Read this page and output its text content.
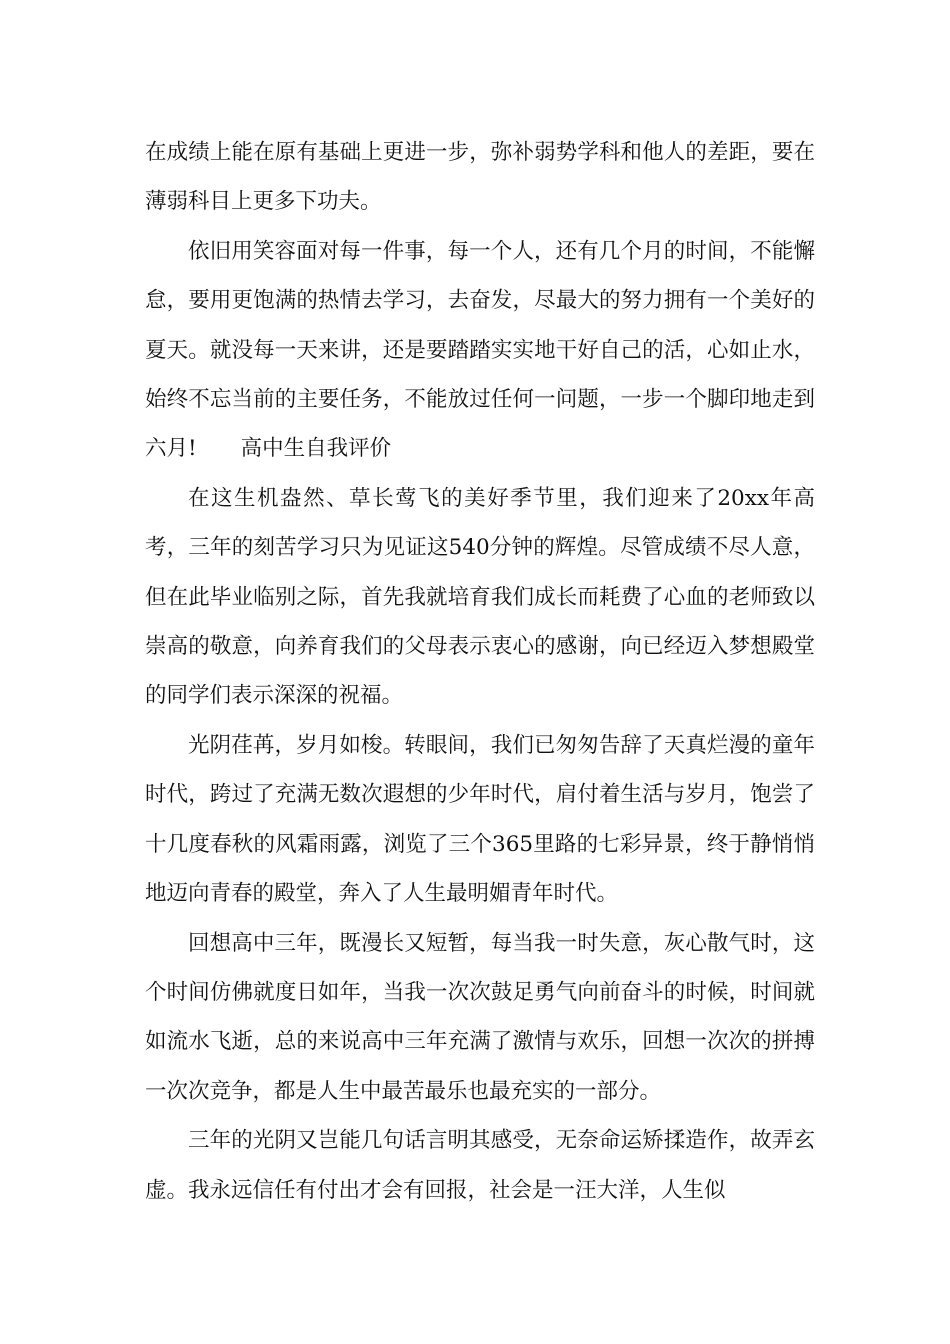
在成绩上能在原有基础上更进一步，弥补弱势学科和他人的差距，要在薄弱科目上更多下功夫。

依旧用笑容面对每一件事，每一个人，还有几个月的时间，不能懈怠，要用更饱满的热情去学习，去奋发，尽最大的努力拥有一个美好的夏天。就没每一天来讲，还是要踏踏实实地干好自己的活，心如止水，始终不忘当前的主要任务，不能放过任何一问题，一步一个脚印地走到六月! 高中生自我评价

在这生机盎然、草长莺飞的美好季节里，我们迎来了20xx年高考，三年的刻苦学习只为见证这540分钟的辉煌。尽管成绩不尽人意，但在此毕业临别之际，首先我就培育我们成长而耗费了心血的老师致以崇高的敬意，向养育我们的父母表示衷心的感谢，向已经迈入梦想殿堂的同学们表示深深的祝福。

光阴荏苒，岁月如梭。转眼间，我们已匆匆告辞了天真烂漫的童年时代，跨过了充满无数次遐想的少年时代，肩付着生活与岁月，饱尝了十几度春秋的风霜雨露，浏览了三个365里路的七彩异景，终于静悄悄地迈向青春的殿堂，奔入了人生最明媚青年时代。

回想高中三年，既漫长又短暂，每当我一时失意，灰心散气时，这个时间仿佛就度日如年，当我一次次鼓足勇气向前奋斗的时候，时间就如流水飞逝，总的来说高中三年充满了激情与欢乐，回想一次次的拼搏一次次竞争，都是人生中最苦最乐也最充实的一部分。

三年的光阴又岂能几句话言明其感受，无奈命运矫揉造作，故弄玄虚。我永远信任有付出才会有回报，社会是一汪大洋，人生似
